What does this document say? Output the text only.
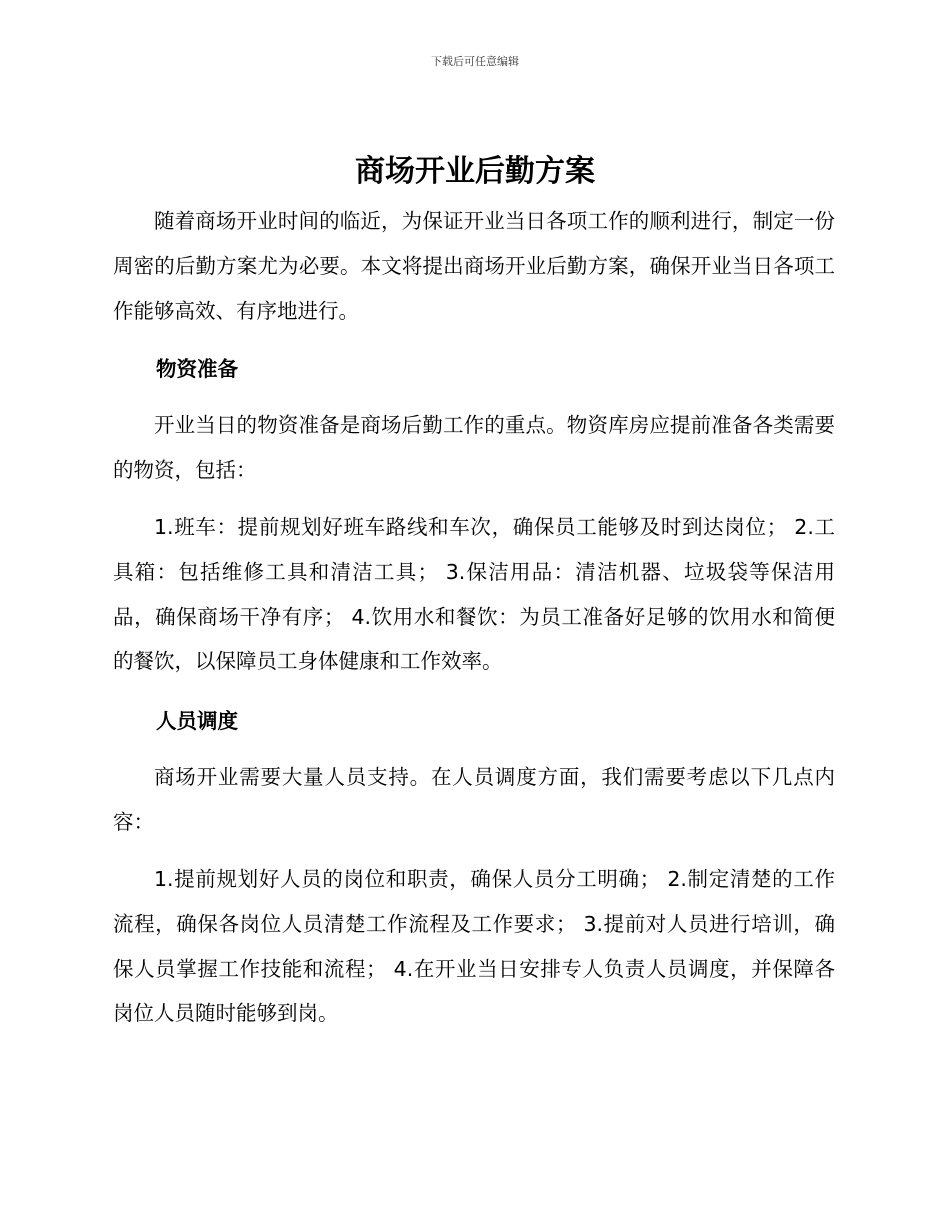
下载后可任意编辑
商场开业后勤方案

随着商场开业时间的临近，为保证开业当日各项工作的顺利进行，制定一份周密的后勤方案尤为必要。本文将提出商场开业后勤方案，确保开业当日各项工作能够高效、有序地进行。

物资准备

开业当日的物资准备是商场后勤工作的重点。物资库房应提前准备各类需要的物资，包括：

1.班车：提前规划好班车路线和车次，确保员工能够及时到达岗位； 2.工具箱：包括维修工具和清洁工具； 3.保洁用品：清洁机器、垃圾袋等保洁用品，确保商场干净有序； 4.饮用水和餐饮：为员工准备好足够的饮用水和简便的餐饮，以保障员工身体健康和工作效率。

人员调度

商场开业需要大量人员支持。在人员调度方面，我们需要考虑以下几点内容：

1.提前规划好人员的岗位和职责，确保人员分工明确； 2.制定清楚的工作流程，确保各岗位人员清楚工作流程及工作要求； 3.提前对人员进行培训，确保人员掌握工作技能和流程； 4.在开业当日安排专人负责人员调度，并保障各岗位人员随时能够到岗。
